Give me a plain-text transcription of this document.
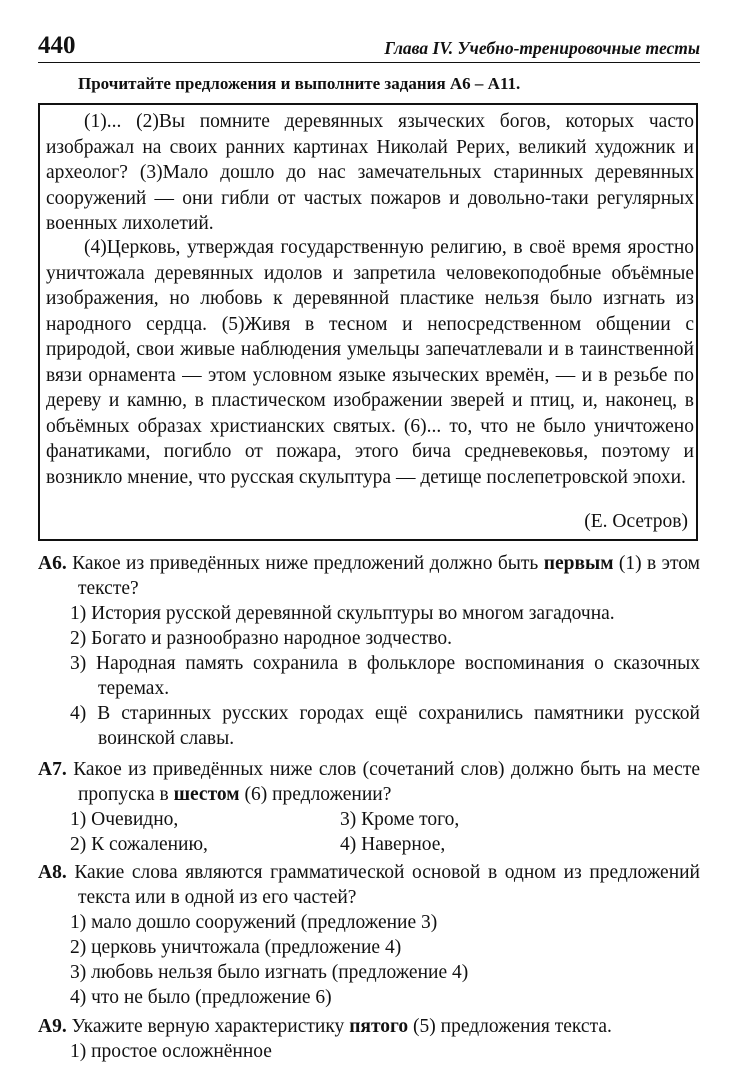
440	Глава IV. Учебно-тренировочные тесты
Прочитайте предложения и выполните задания А6 – А11.

(1)... (2)Вы помните деревянных языческих богов, которых часто изображал на своих ранних картинах Николай Рерих, великий художник и археолог? (3)Мало дошло до нас замечательных старинных деревянных сооружений — они гибли от частых пожаров и довольно-таки регулярных военных лихолетий.

(4)Церковь, утверждая государственную религию, в своё время яростно уничтожала деревянных идолов и запретила человекоподобные объёмные изображения, но любовь к деревянной пластике нельзя было изгнать из народного сердца. (5)Живя в тесном и непосредственном общении с природой, свои живые наблюдения умельцы запечатлевали и в таинственной вязи орнамента — этом условном языке языческих времён, — и в резьбе по дереву и камню, в пластическом изображении зверей и птиц, и, наконец, в объёмных образах христианских святых. (6)... то, что не было уничтожено фанатиками, погибло от пожара, этого бича средневековья, поэтому и возникло мнение, что русская скульптура — детище послепетровской эпохи.

(Е. Осетров)
А6. Какое из приведённых ниже предложений должно быть первым (1) в этом тексте?
1) История русской деревянной скульптуры во многом загадочна.
2) Богато и разнообразно народное зодчество.
3) Народная память сохранила в фольклоре воспоминания о сказочных теремах.
4) В старинных русских городах ещё сохранились памятники русской воинской славы.
А7. Какое из приведённых ниже слов (сочетаний слов) должно быть на месте пропуска в шестом (6) предложении?
1) Очевидно,	3) Кроме того,
2) К сожалению,	4) Наверное,
А8. Какие слова являются грамматической основой в одном из предложений текста или в одной из его частей?
1) мало дошло сооружений (предложение 3)
2) церковь уничтожала (предложение 4)
3) любовь нельзя было изгнать (предложение 4)
4) что не было (предложение 6)
А9. Укажите верную характеристику пятого (5) предложения текста.
1) простое осложнённое
